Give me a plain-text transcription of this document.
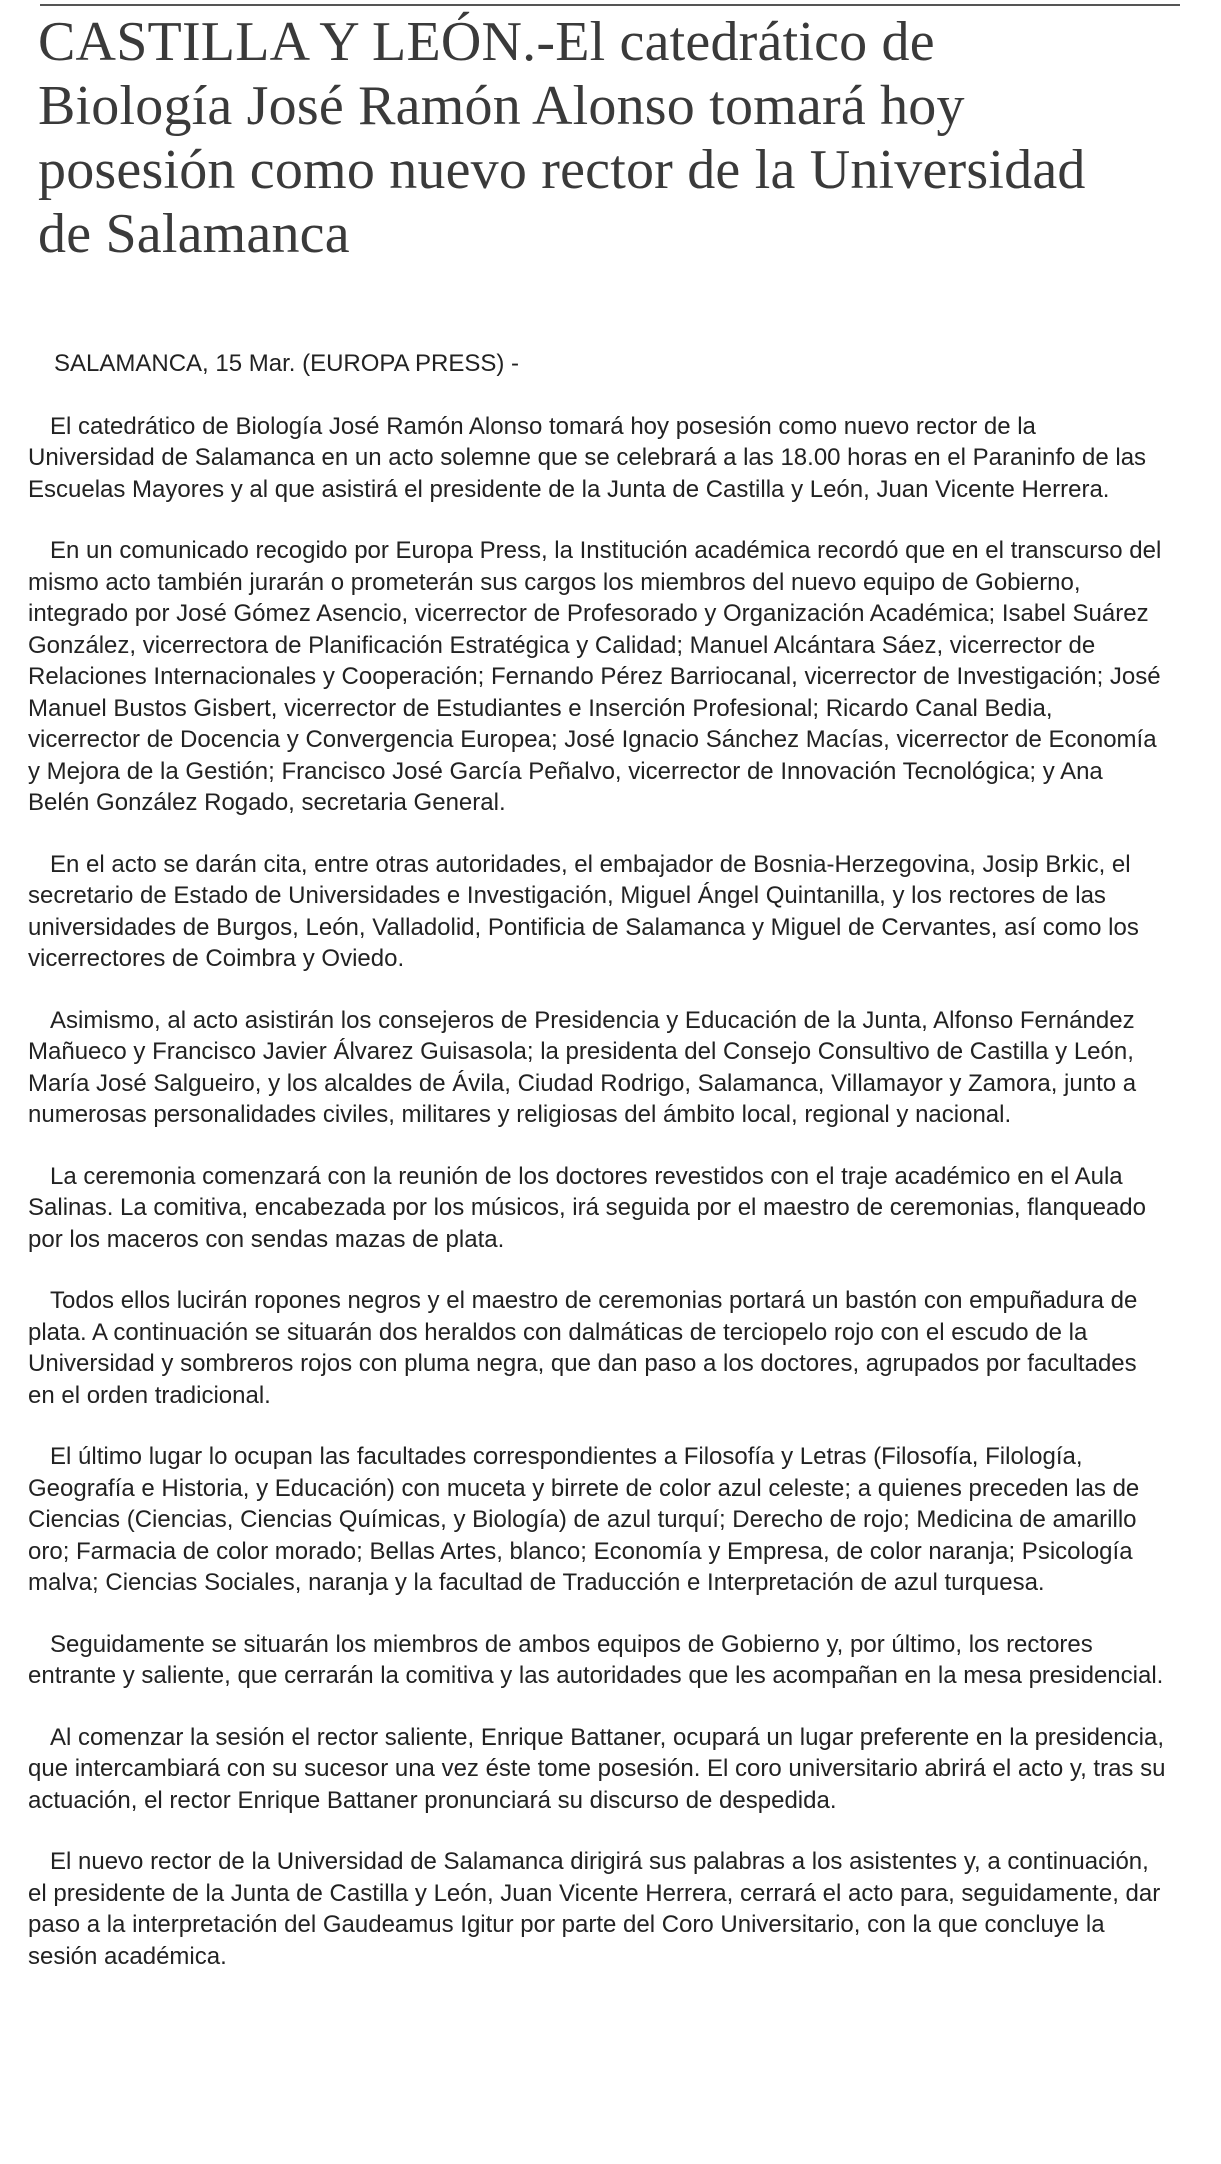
CASTILLA Y LEÓN.-El catedrático de Biología José Ramón Alonso tomará hoy posesión como nuevo rector de la Universidad de Salamanca

SALAMANCA, 15 Mar. (EUROPA PRESS) -

El catedrático de Biología José Ramón Alonso tomará hoy posesión como nuevo rector de la Universidad de Salamanca en un acto solemne que se celebrará a las 18.00 horas en el Paraninfo de las Escuelas Mayores y al que asistirá el presidente de la Junta de Castilla y León, Juan Vicente Herrera.

En un comunicado recogido por Europa Press, la Institución académica recordó que en el transcurso del mismo acto también jurarán o prometerán sus cargos los miembros del nuevo equipo de Gobierno, integrado por José Gómez Asencio, vicerrector de Profesorado y Organización Académica; Isabel Suárez González, vicerrectora de Planificación Estratégica y Calidad; Manuel Alcántara Sáez, vicerrector de Relaciones Internacionales y Cooperación; Fernando Pérez Barriocanal, vicerrector de Investigación; José Manuel Bustos Gisbert, vicerrector de Estudiantes e Inserción Profesional; Ricardo Canal Bedia, vicerrector de Docencia y Convergencia Europea; José Ignacio Sánchez Macías, vicerrector de Economía y Mejora de la Gestión; Francisco José García Peñalvo, vicerrector de Innovación Tecnológica; y Ana Belén González Rogado, secretaria General.

En el acto se darán cita, entre otras autoridades, el embajador de Bosnia-Herzegovina, Josip Brkic, el secretario de Estado de Universidades e Investigación, Miguel Ángel Quintanilla, y los rectores de las universidades de Burgos, León, Valladolid, Pontificia de Salamanca y Miguel de Cervantes, así como los vicerrectores de Coimbra y Oviedo.

Asimismo, al acto asistirán los consejeros de Presidencia y Educación de la Junta, Alfonso Fernández Mañueco y Francisco Javier Álvarez Guisasola; la presidenta del Consejo Consultivo de Castilla y León, María José Salgueiro, y los alcaldes de Ávila, Ciudad Rodrigo, Salamanca, Villamayor y Zamora, junto a numerosas personalidades civiles, militares y religiosas del ámbito local, regional y nacional.

La ceremonia comenzará con la reunión de los doctores revestidos con el traje académico en el Aula Salinas. La comitiva, encabezada por los músicos, irá seguida por el maestro de ceremonias, flanqueado por los maceros con sendas mazas de plata.

Todos ellos lucirán ropones negros y el maestro de ceremonias portará un bastón con empuñadura de plata. A continuación se situarán dos heraldos con dalmáticas de terciopelo rojo con el escudo de la Universidad y sombreros rojos con pluma negra, que dan paso a los doctores, agrupados por facultades en el orden tradicional.

El último lugar lo ocupan las facultades correspondientes a Filosofía y Letras (Filosofía, Filología, Geografía e Historia, y Educación) con muceta y birrete de color azul celeste; a quienes preceden las de Ciencias (Ciencias, Ciencias Químicas, y Biología) de azul turquí; Derecho de rojo; Medicina de amarillo oro; Farmacia de color morado; Bellas Artes, blanco; Economía y Empresa, de color naranja; Psicología malva; Ciencias Sociales, naranja y la facultad de Traducción e Interpretación de azul turquesa.

Seguidamente se situarán los miembros de ambos equipos de Gobierno y, por último, los rectores entrante y saliente, que cerrarán la comitiva y las autoridades que les acompañan en la mesa presidencial.

Al comenzar la sesión el rector saliente, Enrique Battaner, ocupará un lugar preferente en la presidencia, que intercambiará con su sucesor una vez éste tome posesión. El coro universitario abrirá el acto y, tras su actuación, el rector Enrique Battaner pronunciará su discurso de despedida.

El nuevo rector de la Universidad de Salamanca dirigirá sus palabras a los asistentes y, a continuación, el presidente de la Junta de Castilla y León, Juan Vicente Herrera, cerrará el acto para, seguidamente, dar paso a la interpretación del Gaudeamus Igitur por parte del Coro Universitario, con la que concluye la sesión académica.
